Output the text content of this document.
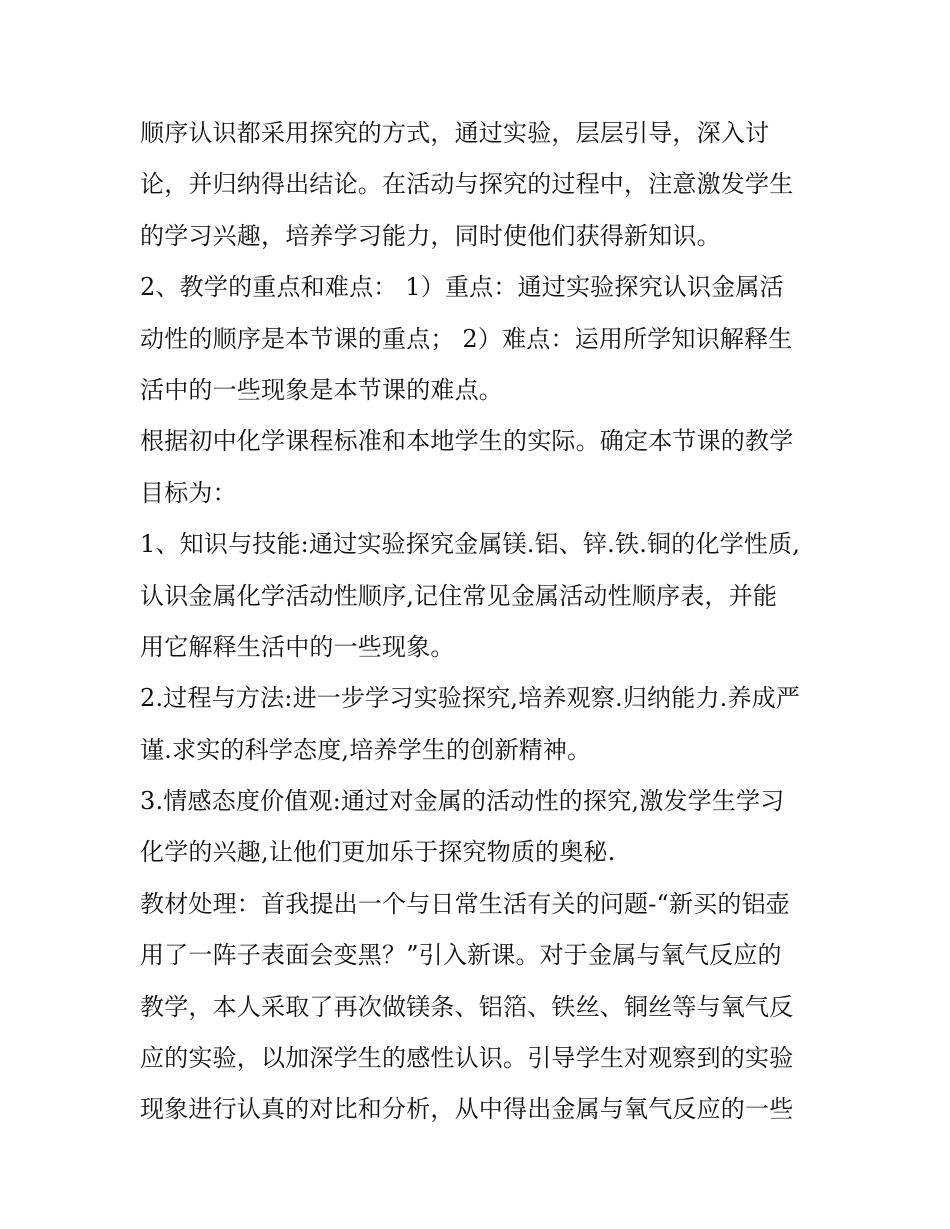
顺序认识都采用探究的方式，通过实验，层层引导，深入讨
论，并归纳得出结论。在活动与探究的过程中，注意激发学生
的学习兴趣，培养学习能力，同时使他们获得新知识。
2、教学的重点和难点： 1）重点：通过实验探究认识金属活
动性的顺序是本节课的重点； 2）难点：运用所学知识解释生
活中的一些现象是本节课的难点。
根据初中化学课程标准和本地学生的实际。确定本节课的教学
目标为：
1、知识与技能:通过实验探究金属镁.铝、锌.铁.铜的化学性质,
认识金属化学活动性顺序,记住常见金属活动性顺序表，并能
用它解释生活中的一些现象。
2.过程与方法:进一步学习实验探究,培养观察.归纳能力.养成严
谨.求实的科学态度,培养学生的创新精神。
3.情感态度价值观:通过对金属的活动性的探究,激发学生学习
化学的兴趣,让他们更加乐于探究物质的奥秘.
教材处理：首我提出一个与日常生活有关的问题-“新买的铝壶
用了一阵子表面会变黑？”引入新课。对于金属与氧气反应的
教学，本人采取了再次做镁条、铝箔、铁丝、铜丝等与氧气反
应的实验，以加深学生的感性认识。引导学生对观察到的实验
现象进行认真的对比和分析，从中得出金属与氧气反应的一些
